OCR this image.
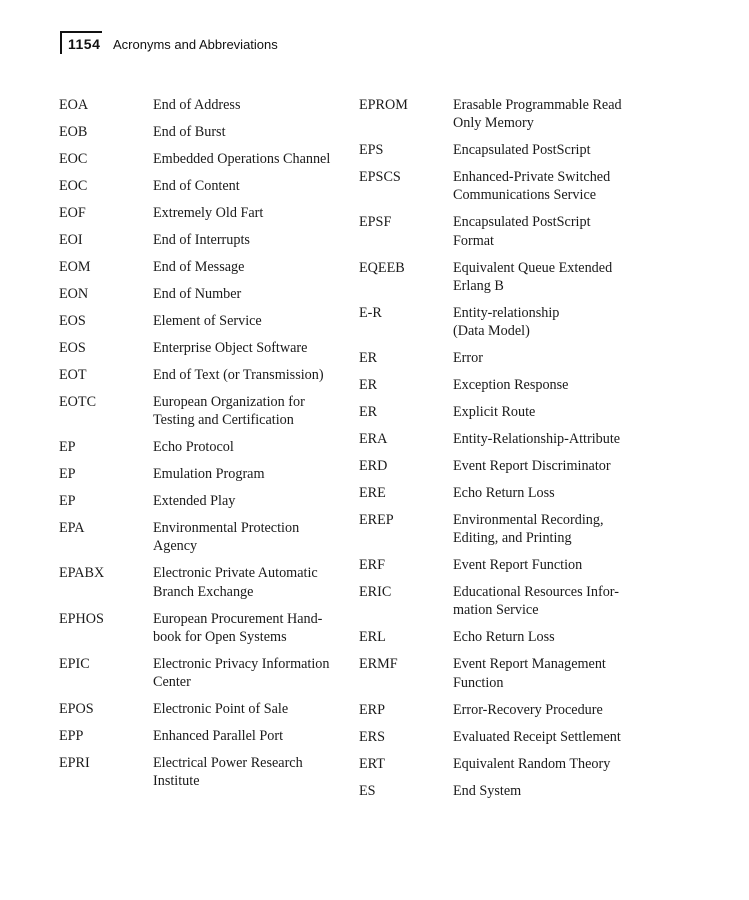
1154 Acronyms and Abbreviations
EOA	End of Address
EOB	End of Burst
EOC	Embedded Operations Channel
EOC	End of Content
EOF	Extremely Old Fart
EOI	End of Interrupts
EOM	End of Message
EON	End of Number
EOS	Element of Service
EOS	Enterprise Object Software
EOT	End of Text (or Transmission)
EOTC	European Organization for
Testing and Certification
EP	Echo Protocol
EP	Emulation Program
EP	Extended Play
EPA	Environmental Protection
Agency
EPABX	Electronic Private Automatic
Branch Exchange
EPHOS	European Procurement Hand-
book for Open Systems
EPIC	Electronic Privacy Information
Center
EPOS	Electronic Point of Sale
EPP	Enhanced Parallel Port
EPRI	Electrical Power Research
Institute
EPROM	Erasable Programmable Read
Only Memory
EPS	Encapsulated PostScript
EPSCS	Enhanced-Private Switched
Communications Service
EPSF	Encapsulated PostScript
Format
EQEEB	Equivalent Queue Extended
Erlang B
E-R	Entity-relationship
(Data Model)
ER	Error
ER	Exception Response
ER	Explicit Route
ERA	Entity-Relationship-Attribute
ERD	Event Report Discriminator
ERE	Echo Return Loss
EREP	Environmental Recording,
Editing, and Printing
ERF	Event Report Function
ERIC	Educational Resources Infor-
mation Service
ERL	Echo Return Loss
ERMF	Event Report Management
Function
ERP	Error-Recovery Procedure
ERS	Evaluated Receipt Settlement
ERT	Equivalent Random Theory
ES	End System
